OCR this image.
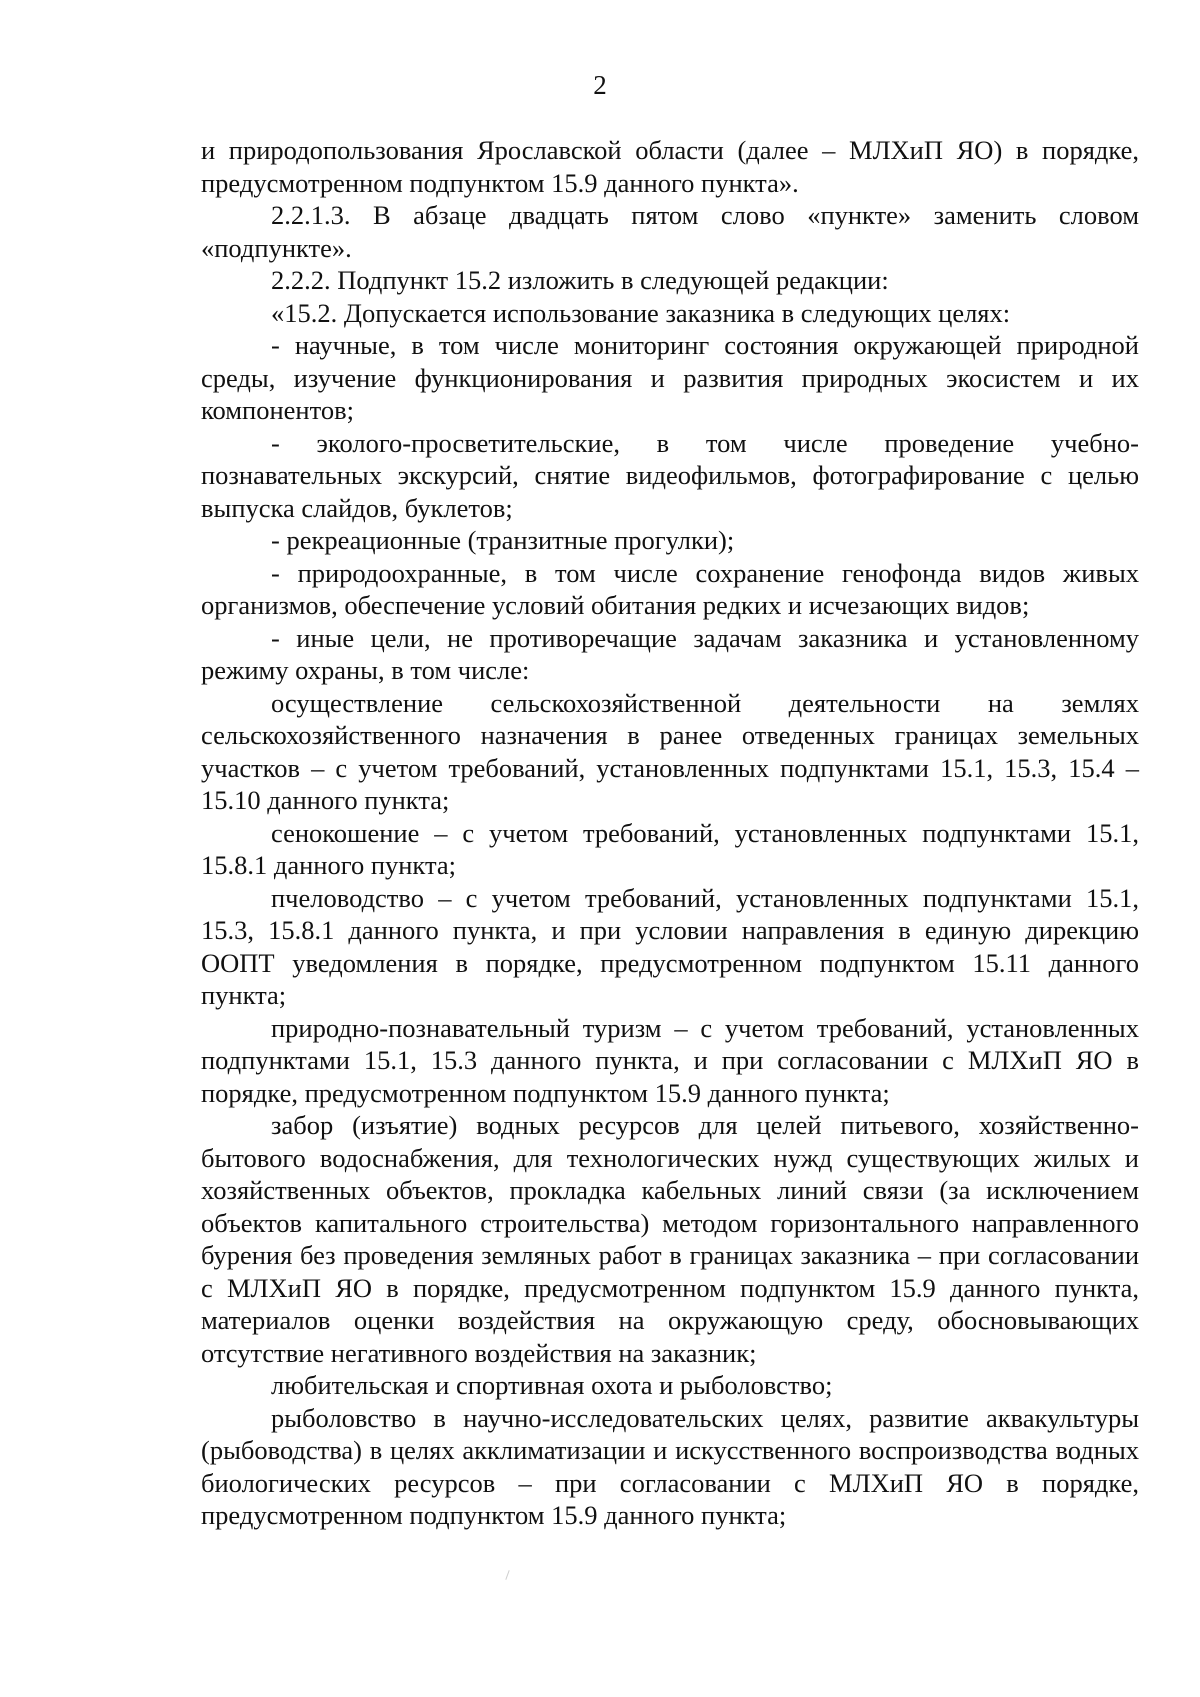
2

и природопользования Ярославской области (далее – МЛХиП ЯО) в порядке, предусмотренном подпунктом 15.9 данного пункта».

2.2.1.3. В абзаце двадцать пятом слово «пункте» заменить словом «подпункте».

2.2.2. Подпункт 15.2 изложить в следующей редакции:

«15.2. Допускается использование заказника в следующих целях:

- научные, в том числе мониторинг состояния окружающей природной среды, изучение функционирования и развития природных экосистем и их компонентов;

- эколого-просветительские, в том числе проведение учебно-познавательных экскурсий, снятие видеофильмов, фотографирование с целью выпуска слайдов, буклетов;

- рекреационные (транзитные прогулки);

- природоохранные, в том числе сохранение генофонда видов живых организмов, обеспечение условий обитания редких и исчезающих видов;

- иные цели, не противоречащие задачам заказника и установленному режиму охраны, в том числе:

осуществление сельскохозяйственной деятельности на землях сельскохозяйственного назначения в ранее отведенных границах земельных участков – с учетом требований, установленных подпунктами 15.1, 15.3, 15.4 – 15.10 данного пункта;

сенокошение – с учетом требований, установленных подпунктами 15.1, 15.8.1 данного пункта;

пчеловодство – с учетом требований, установленных подпунктами 15.1, 15.3, 15.8.1 данного пункта, и при условии направления в единую дирекцию ООПТ уведомления в порядке, предусмотренном подпунктом 15.11 данного пункта;

природно-познавательный туризм – с учетом требований, установленных подпунктами 15.1, 15.3 данного пункта, и при согласовании с МЛХиП ЯО в порядке, предусмотренном подпунктом 15.9 данного пункта;

забор (изъятие) водных ресурсов для целей питьевого, хозяйственно-бытового водоснабжения, для технологических нужд существующих жилых и хозяйственных объектов, прокладка кабельных линий связи (за исключением объектов капитального строительства) методом горизонтального направленного бурения без проведения земляных работ в границах заказника – при согласовании с МЛХиП ЯО в порядке, предусмотренном подпунктом 15.9 данного пункта, материалов оценки воздействия на окружающую среду, обосновывающих отсутствие негативного воздействия на заказник;

любительская и спортивная охота и рыболовство;

рыболовство в научно-исследовательских целях, развитие аквакультуры (рыбоводства) в целях акклиматизации и искусственного воспроизводства водных биологических ресурсов – при согласовании с МЛХиП ЯО в порядке, предусмотренном подпунктом 15.9 данного пункта;
